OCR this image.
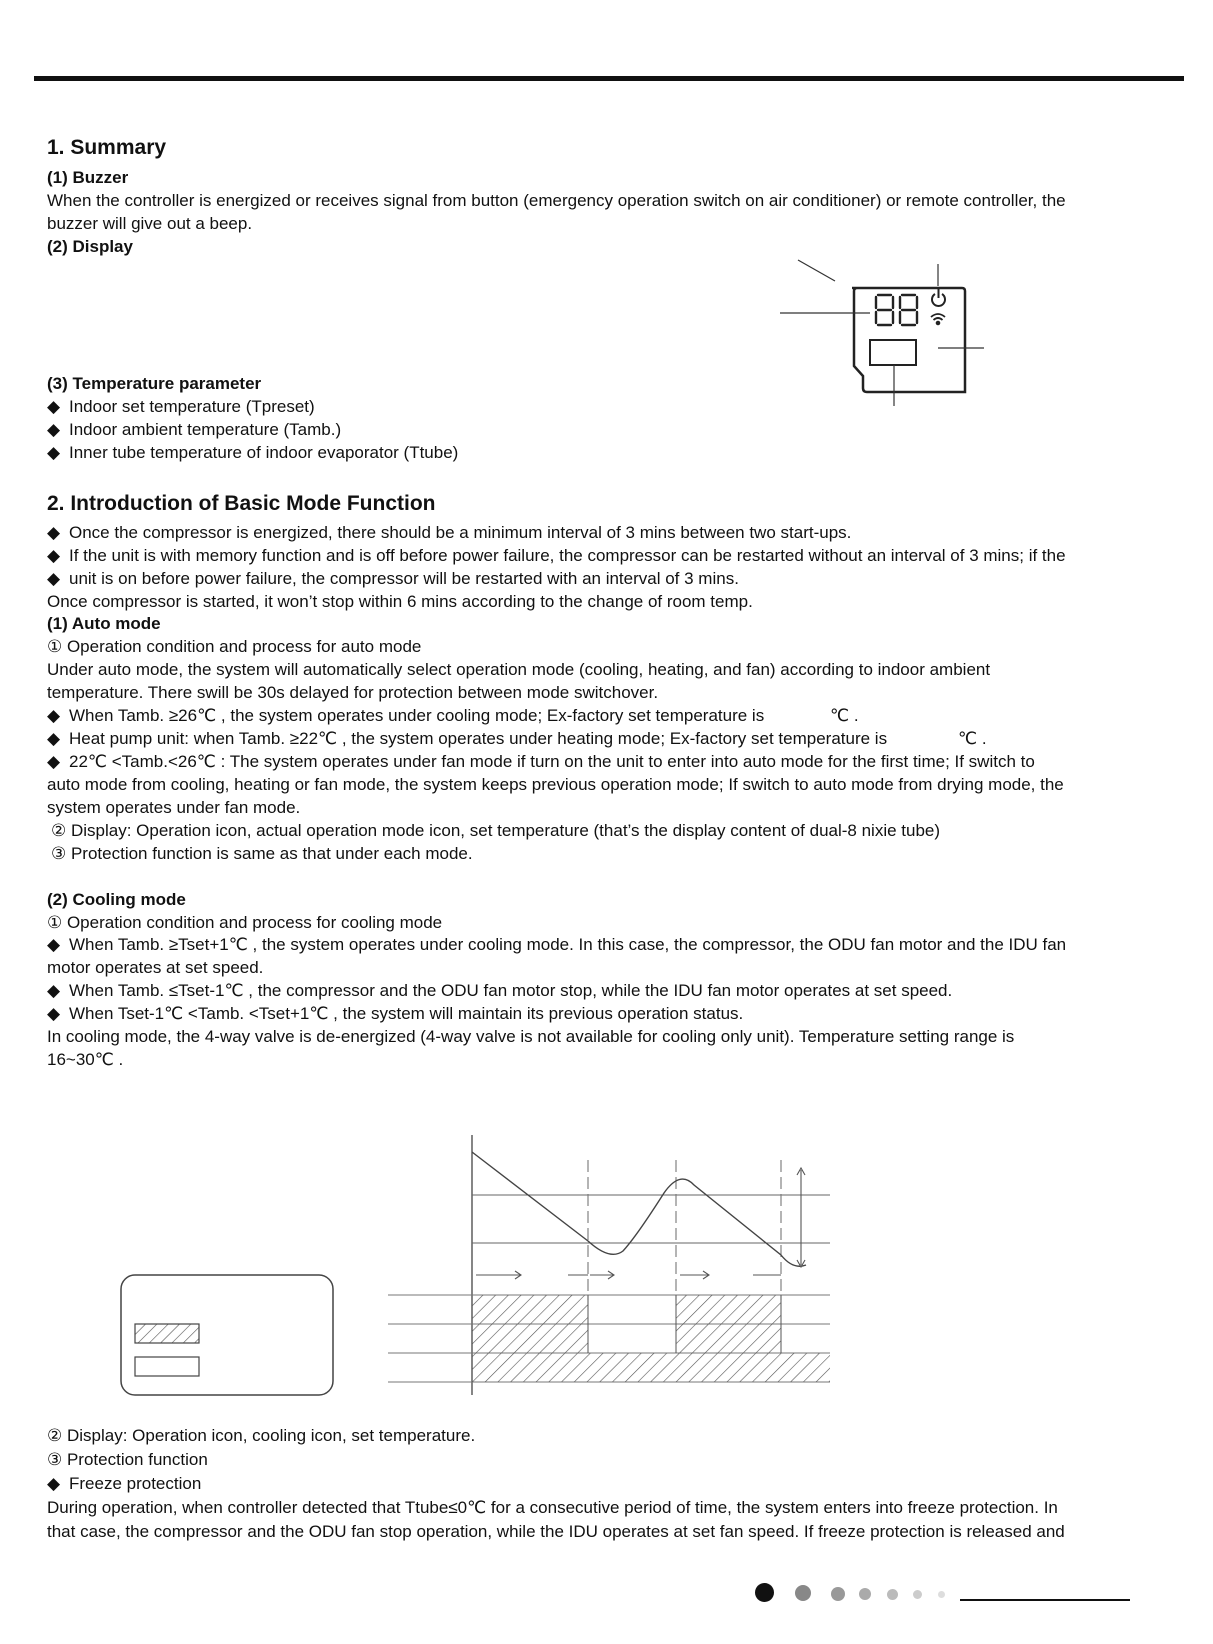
1. Summary
(1) Buzzer
When the controller is energized or receives signal from button (emergency operation switch on air conditioner) or remote controller, the
buzzer will give out a beep.
(2) Display
(3) Temperature parameter
◆ Indoor set temperature (Tpreset)
◆ Indoor ambient temperature (Tamb.)
◆ Inner tube temperature of indoor evaporator (Ttube)
2. Introduction of Basic Mode Function
◆ Once the compressor is energized, there should be a minimum interval of 3 mins between two start-ups.
◆ If the unit is with memory function and is off before power failure, the compressor can be restarted without an interval of 3 mins; if the
◆ unit is on before power failure, the compressor will be restarted with an interval of 3 mins.
Once compressor is started, it won’t stop within 6 mins according to the change of room temp.
(1) Auto mode
① Operation condition and process for auto mode
Under auto mode, the system will automatically select operation mode (cooling, heating, and fan) according to indoor ambient
temperature. There swill be 30s delayed for protection between mode switchover.
◆ When Tamb. ≥26℃ , the system operates under cooling mode; Ex-factory set temperature is	℃ .
◆ Heat pump unit: when Tamb. ≥22℃ , the system operates under heating mode; Ex-factory set temperature is	℃ .
◆ 22℃ <Tamb.<26℃ : The system operates under fan mode if turn on the unit to enter into auto mode for the first time; If switch to
auto mode from cooling, heating or fan mode, the system keeps previous operation mode; If switch to auto mode from drying mode, the
system operates under fan mode.
② Display: Operation icon, actual operation mode icon, set temperature (that’s the display content of dual-8 nixie tube)
③ Protection function is same as that under each mode.
(2) Cooling mode
① Operation condition and process for cooling mode
◆ When Tamb. ≥Tset+1℃ , the system operates under cooling mode. In this case, the compressor, the ODU fan motor and the IDU fan
motor operates at set speed.
◆ When Tamb. ≤Tset-1℃ , the compressor and the ODU fan motor stop, while the IDU fan motor operates at set speed.
◆ When Tset-1℃ <Tamb. <Tset+1℃ , the system will maintain its previous operation status.
In cooling mode, the 4-way valve is de-energized (4-way valve is not available for cooling only unit). Temperature setting range is
16~30℃ .
② Display: Operation icon, cooling icon, set temperature.
③ Protection function
◆ Freeze protection
During operation, when controller detected that Ttube≤0℃ for a consecutive period of time, the system enters into freeze protection. In
that case, the compressor and the ODU fan stop operation, while the IDU operates at set fan speed. If freeze protection is released and
